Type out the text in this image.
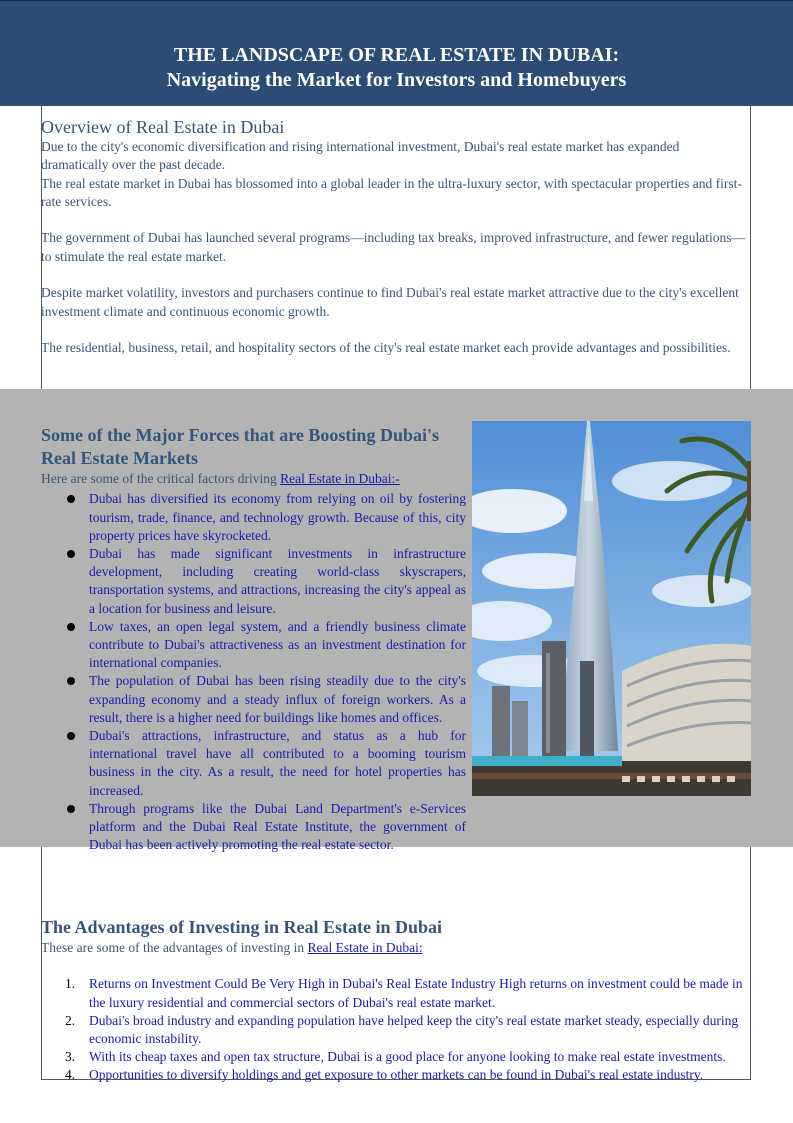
THE LANDSCAPE OF REAL ESTATE IN DUBAI:
Navigating the Market for Investors and Homebuyers
Overview of Real Estate in Dubai

Due to the city's economic diversification and rising international investment, Dubai's real estate market has expanded

dramatically over the past decade.

The real estate market in Dubai has blossomed into a global leader in the ultra-luxury sector, with spectacular properties and first-rate services.

The government of Dubai has launched several programs—including tax breaks, improved infrastructure, and fewer regulations—to stimulate the real estate market.

Despite market volatility, investors and purchasers continue to find Dubai's real estate market attractive due to the city's excellent investment climate and continuous economic growth.

The residential, business, retail, and hospitality sectors of the city's real estate market each provide advantages and possibilities.

Some of the Major Forces that are Boosting Dubai's Real Estate Markets

Here are some of the critical factors driving Real Estate in Dubai:-

Dubai has diversified its economy from relying on oil by fostering tourism, trade, finance, and technology growth. Because of this, city property prices have skyrocketed.
Dubai has made significant investments in infrastructure development, including creating world-class skyscrapers, transportation systems, and attractions, increasing the city's appeal as a location for business and leisure.
Low taxes, an open legal system, and a friendly business climate contribute to Dubai's attractiveness as an investment destination for international companies.
The population of Dubai has been rising steadily due to the city's expanding economy and a steady influx of foreign workers. As a result, there is a higher need for buildings like homes and offices.
Dubai's attractions, infrastructure, and status as a hub for international travel have all contributed to a booming tourism business in the city. As a result, the need for hotel properties has increased.
Through programs like the Dubai Land Department's e-Services platform and the Dubai Real Estate Institute, the government of Dubai has been actively promoting the real estate sector.
The Advantages of Investing in Real Estate in Dubai

These are some of the advantages of investing in Real Estate in Dubai:

1. Returns on Investment Could Be Very High in Dubai's Real Estate Industry High returns on investment could be made in the luxury residential and commercial sectors of Dubai's real estate market.
2. Dubai's broad industry and expanding population have helped keep the city's real estate market steady, especially during economic instability.
3. With its cheap taxes and open tax structure, Dubai is a good place for anyone looking to make real estate investments.
4. Opportunities to diversify holdings and get exposure to other markets can be found in Dubai's real estate industry.
